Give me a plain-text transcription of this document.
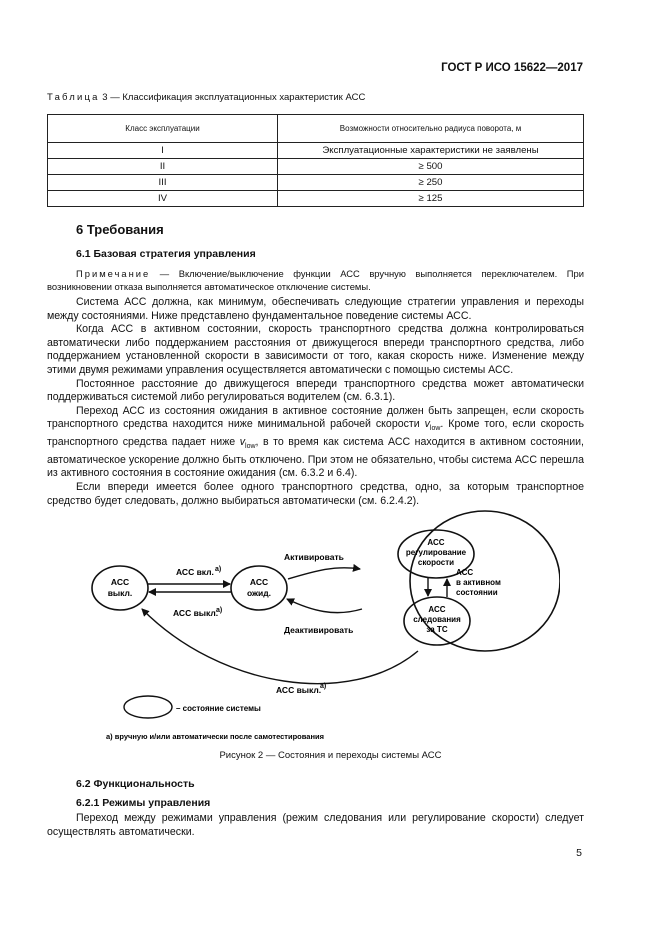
ГОСТ Р ИСО 15622—2017
Таблица 3 — Классификация эксплуатационных характеристик АСС
Класс эксплуатации	Возможности относительно радиуса поворота, м
I	Эксплуатационные характеристики не заявлены
II	≥ 500
III	≥ 250
IV	≥ 125
6 Требования
6.1 Базовая стратегия управления
Примечание — Включение/выключение функции АСС вручную выполняется переключателем. При возникновении отказа выполняется автоматическое отключение системы.

Система АСС должна, как минимум, обеспечивать следующие стратегии управления и переходы между состояниями. Ниже представлено фундаментальное поведение системы АСС.

Когда АСС в активном состоянии, скорость транспортного средства должна контролироваться автоматически либо поддержанием расстояния от движущегося впереди транспортного средства, либо поддержанием установленной скорости в зависимости от того, какая скорость ниже. Изменение между этими двумя режимами управления осуществляется автоматически с помощью системы АСС.

Постоянное расстояние до движущегося впереди транспортного средства может автоматически поддерживаться системой либо регулироваться водителем (см. 6.3.1).

Переход АСС из состояния ожидания в активное состояние должен быть запрещен, если скорость транспортного средства находится ниже минимальной рабочей скорости $v_{low}$. Кроме того, если скорость транспортного средства падает ниже $v_{low}$, в то время как система АСС находится в активном состоянии, автоматическое ускорение должно быть отключено. При этом не обязательно, чтобы система АСС перешла из активного состояния в состояние ожидания (см. 6.3.2 и 6.4).

Если впереди имеется более одного транспортного средства, одно, за которым транспортное средство будет следовать, должно выбираться автоматически (см. 6.2.4.2).

АСС
выкл.
АСС
ожид.
АСС
регулирование
скорости
АСС
следования
за ТС
АСС
в активном
состоянии
АСС вкл. а)
АСС выкл.
а)
Активировать
Деактивировать
АСС выкл.
а)
– состояние системы
а) вручную и/или автоматически после самотестирования
Рисунок 2 — Состояния и переходы системы АСС
6.2 Функциональность
6.2.1 Режимы управления

Переход между режимами управления (режим следования или регулирование скорости) следует осуществлять автоматически.

5
